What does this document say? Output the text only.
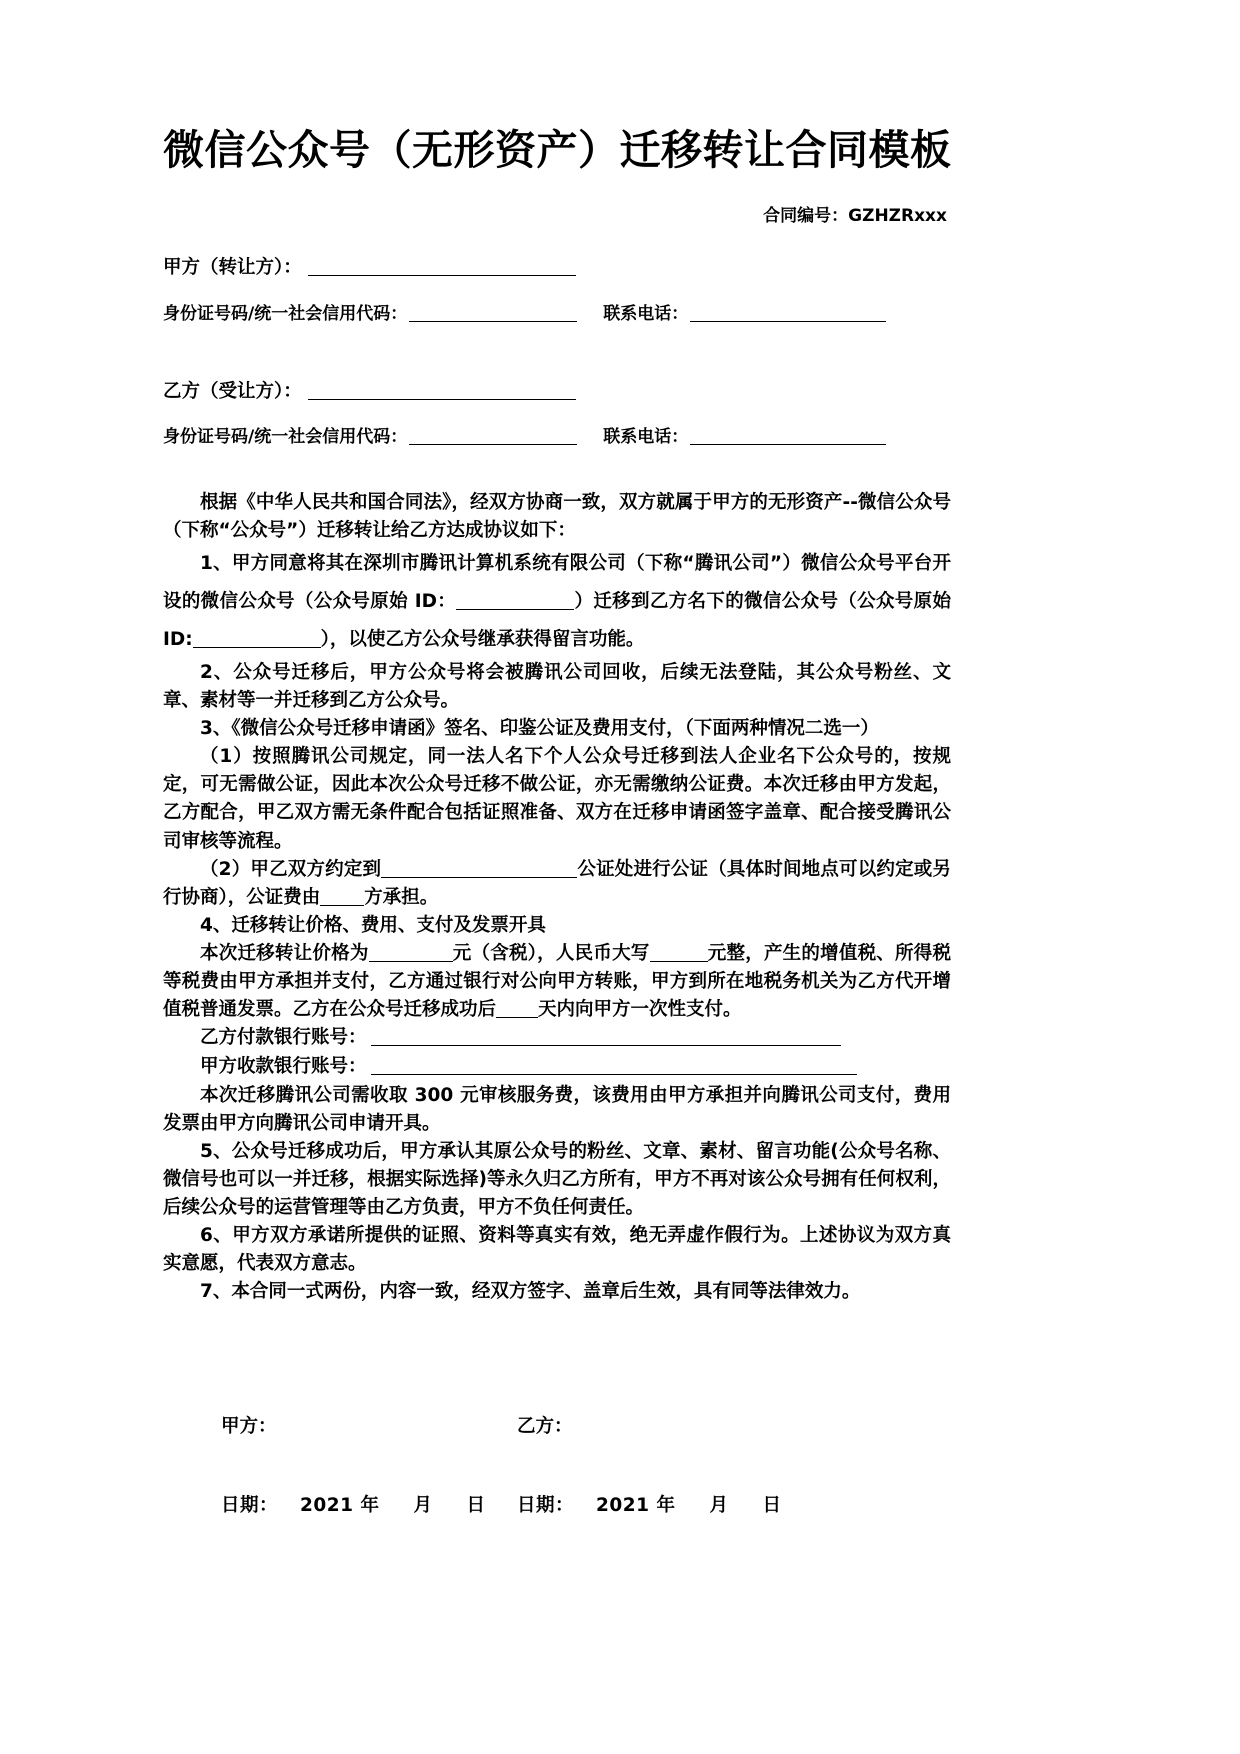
微信公众号（无形资产）迁移转让合同模板
合同编号：GZHZRxxx
甲方（转让方）：
身份证号码/统一社会信用代码：	联系电话：
乙方（受让方）：
身份证号码/统一社会信用代码：	联系电话：

根据《中华人民共和国合同法》，经双方协商一致，双方就属于甲方的无形资产--微信公众号（下称“公众号”）迁移转让给乙方达成协议如下：

1、甲方同意将其在深圳市腾讯计算机系统有限公司（下称“腾讯公司”）微信公众号平台开设的微信公众号（公众号原始 ID：	）迁移到乙方名下的微信公众号（公众号原始 ID:	），以使乙方公众号继承获得留言功能。

2、公众号迁移后，甲方公众号将会被腾讯公司回收，后续无法登陆，其公众号粉丝、文章、素材等一并迁移到乙方公众号。

3、《微信公众号迁移申请函》签名、印鉴公证及费用支付，（下面两种情况二选一）

（1）按照腾讯公司规定，同一法人名下个人公众号迁移到法人企业名下公众号的，按规定，可无需做公证，因此本次公众号迁移不做公证，亦无需缴纳公证费。本次迁移由甲方发起，乙方配合，甲乙双方需无条件配合包括证照准备、双方在迁移申请函签字盖章、配合接受腾讯公司审核等流程。

（2）甲乙双方约定到	公证处进行公证（具体时间地点可以约定或另行协商），公证费由 方承担。

4、迁移转让价格、费用、支付及发票开具

本次迁移转让价格为	元（含税），人民币大写	元整，产生的增值税、所得税等税费由甲方承担并支付，乙方通过银行对公向甲方转账，甲方到所在地税务机关为乙方代开增值税普通发票。乙方在公众号迁移成功后 天内向甲方一次性支付。

乙方付款银行账号：

甲方收款银行账号：

本次迁移腾讯公司需收取 300 元审核服务费，该费用由甲方承担并向腾讯公司支付，费用发票由甲方向腾讯公司申请开具。

5、公众号迁移成功后，甲方承认其原公众号的粉丝、文章、素材、留言功能(公众号名称、微信号也可以一并迁移，根据实际选择)等永久归乙方所有，甲方不再对该公众号拥有任何权利，后续公众号的运营管理等由乙方负责，甲方不负任何责任。

6、甲方双方承诺所提供的证照、资料等真实有效，绝无弄虚作假行为。上述协议为双方真实意愿，代表双方意志。

7、本合同一式两份，内容一致，经双方签字、盖章后生效，具有同等法律效力。

甲方：	乙方：
日期： 2021 年 月 日 日期： 2021 年 月 日
